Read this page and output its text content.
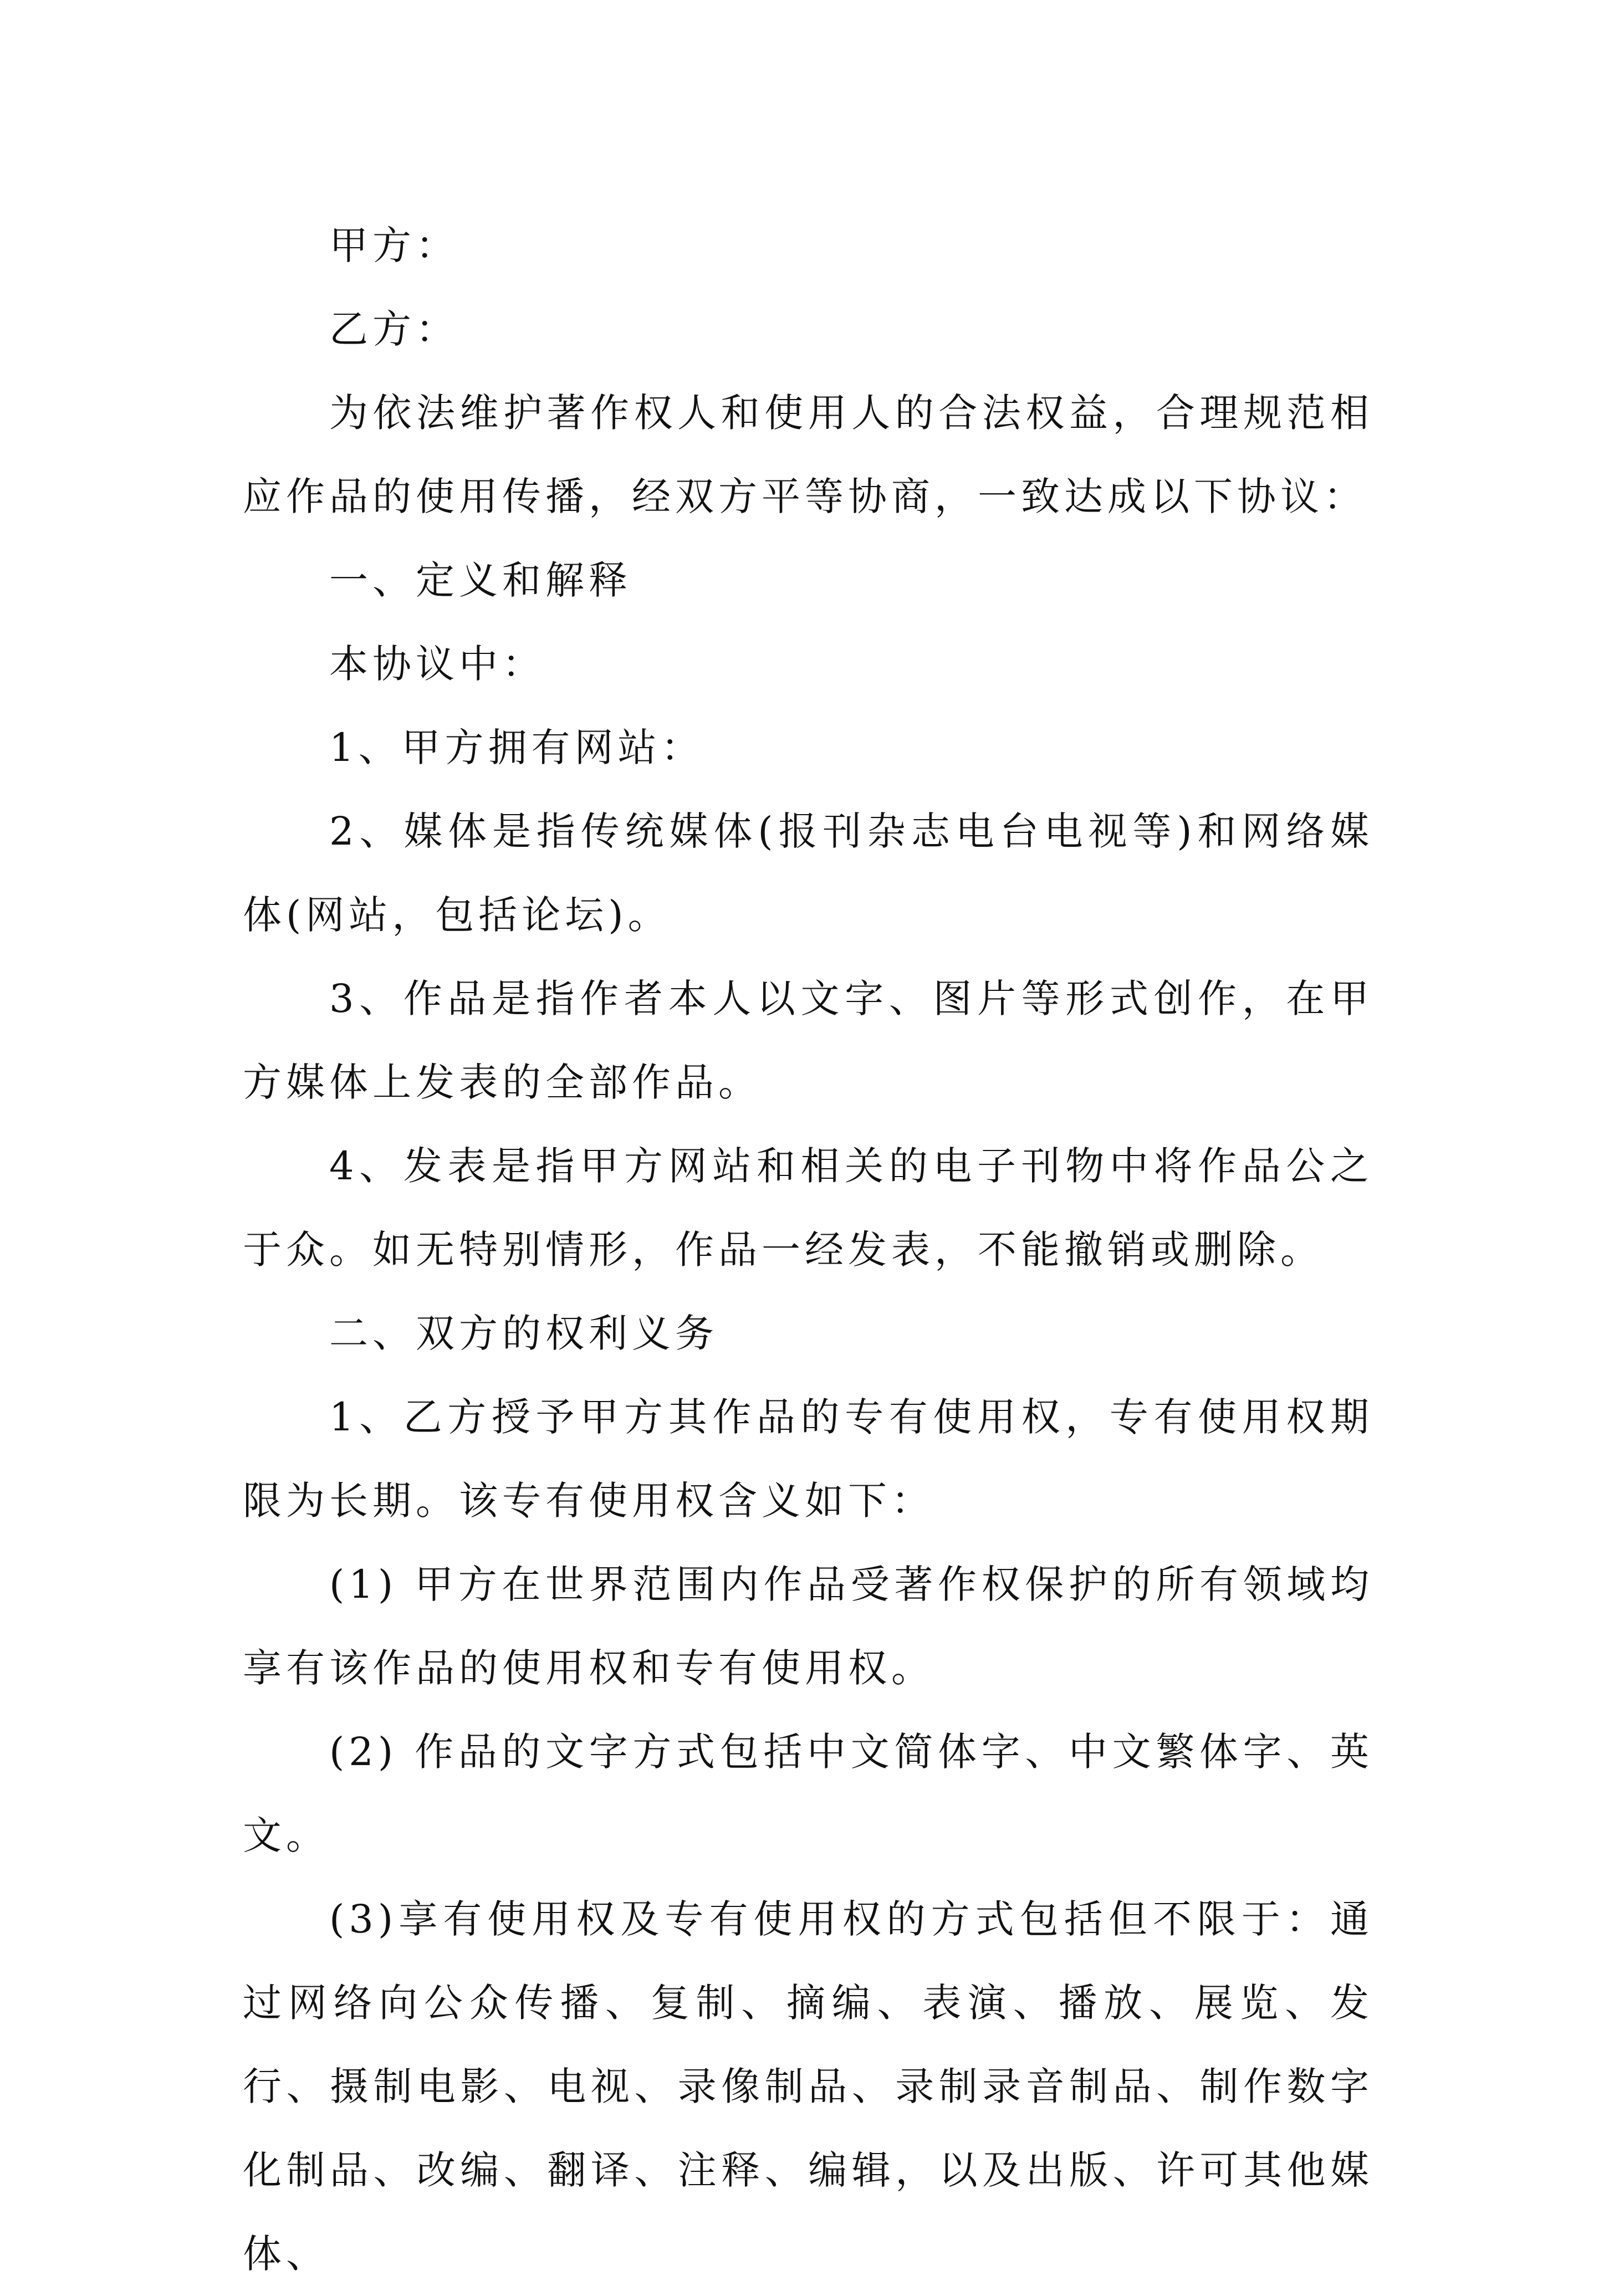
甲方：

乙方：

为依法维护著作权人和使用人的合法权益，合理规范相应作品的使用传播，经双方平等协商，一致达成以下协议：

一、定义和解释

本协议中：

1、甲方拥有网站：

2、媒体是指传统媒体(报刊杂志电台电视等)和网络媒体(网站，包括论坛)。

3、作品是指作者本人以文字、图片等形式创作，在甲方媒体上发表的全部作品。

4、发表是指甲方网站和相关的电子刊物中将作品公之于众。如无特别情形，作品一经发表，不能撤销或删除。

二、双方的权利义务

1、乙方授予甲方其作品的专有使用权，专有使用权期限为长期。该专有使用权含义如下：

(1) 甲方在世界范围内作品受著作权保护的所有领域均享有该作品的使用权和专有使用权。

(2) 作品的文字方式包括中文简体字、中文繁体字、英文。

(3)享有使用权及专有使用权的方式包括但不限于：通过网络向公众传播、复制、摘编、表演、播放、展览、发行、摄制电影、电视、录像制品、录制录音制品、制作数字化制品、改编、翻译、注释、编辑，以及出版、许可其他媒体、
